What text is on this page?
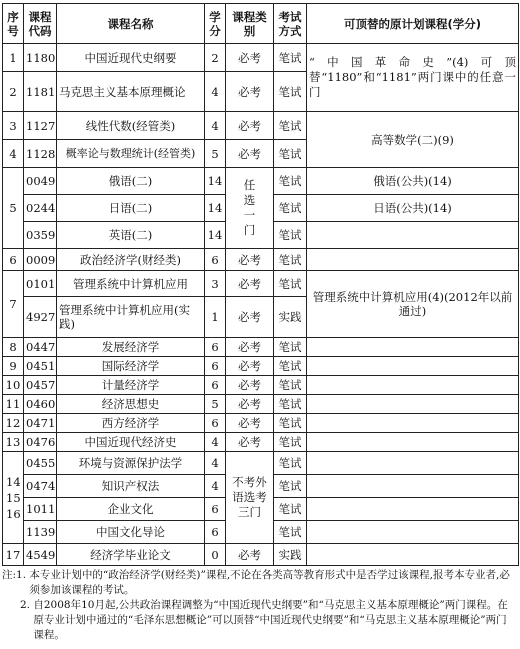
序号	课程代码	课程名称	学分	课程类别	考试方式	可顶替的原计划课程(学分)
1	1180	中国近现代史纲要	2	必考	笔试	“中国革命史”(4)可顶替“1180”和“1181”两门课中的任意一门
2	1181	马克思主义基本原理概论	4	必考	笔试	
3	1127	线性代数(经管类)	4	必考	笔试	高等数学(二)(9)
4	1128	概率论与数理统计(经管类)	5	必考	笔试	
5	0049	俄语(二)	14	任选一门	笔试	俄语(公共)(14)
	0244	日语(二)	14		笔试	日语(公共)(14)
	0359	英语(二)	14		笔试	
6	0009	政治经济学(财经类)	6	必考	笔试	
7	0101	管理系统中计算机应用	3	必考	笔试	管理系统中计算机应用(4)(2012年以前通过)
	4927	管理系统中计算机应用(实践)	1	必考	实践	
8	0447	发展经济学	6	必考	笔试	
9	0451	国际经济学	6	必考	笔试	
10	0457	计量经济学	6	必考	笔试	
11	0460	经济思想史	5	必考	笔试	
12	0471	西方经济学	6	必考	笔试	
13	0476	中国近现代经济史	4	必考	笔试	

14 15 16	0455	环境与资源保护法学	4	不考外语选考三门	笔试	
	0474	知识产权法	4		笔试	
	1011	企业文化	6		笔试	
	1139	中国文化导论	6		笔试	
17	4549	经济学毕业论文	0	必考	实践	
注: 1. 本专业计划中的“政治经济学(财经类)”课程,不论在各类高等教育形式中是否学过该课程,报考本专业者,必须参加该课程的考试。
2. 自2008年10月起,公共政治课程调整为“中国近现代史纲要”和“马克思主义基本原理概论”两门课程。在原专业计划中通过的“毛泽东思想概论”可以顶替“中国近现代史纲要”和“马克思主义基本原理概论”两门课程。
